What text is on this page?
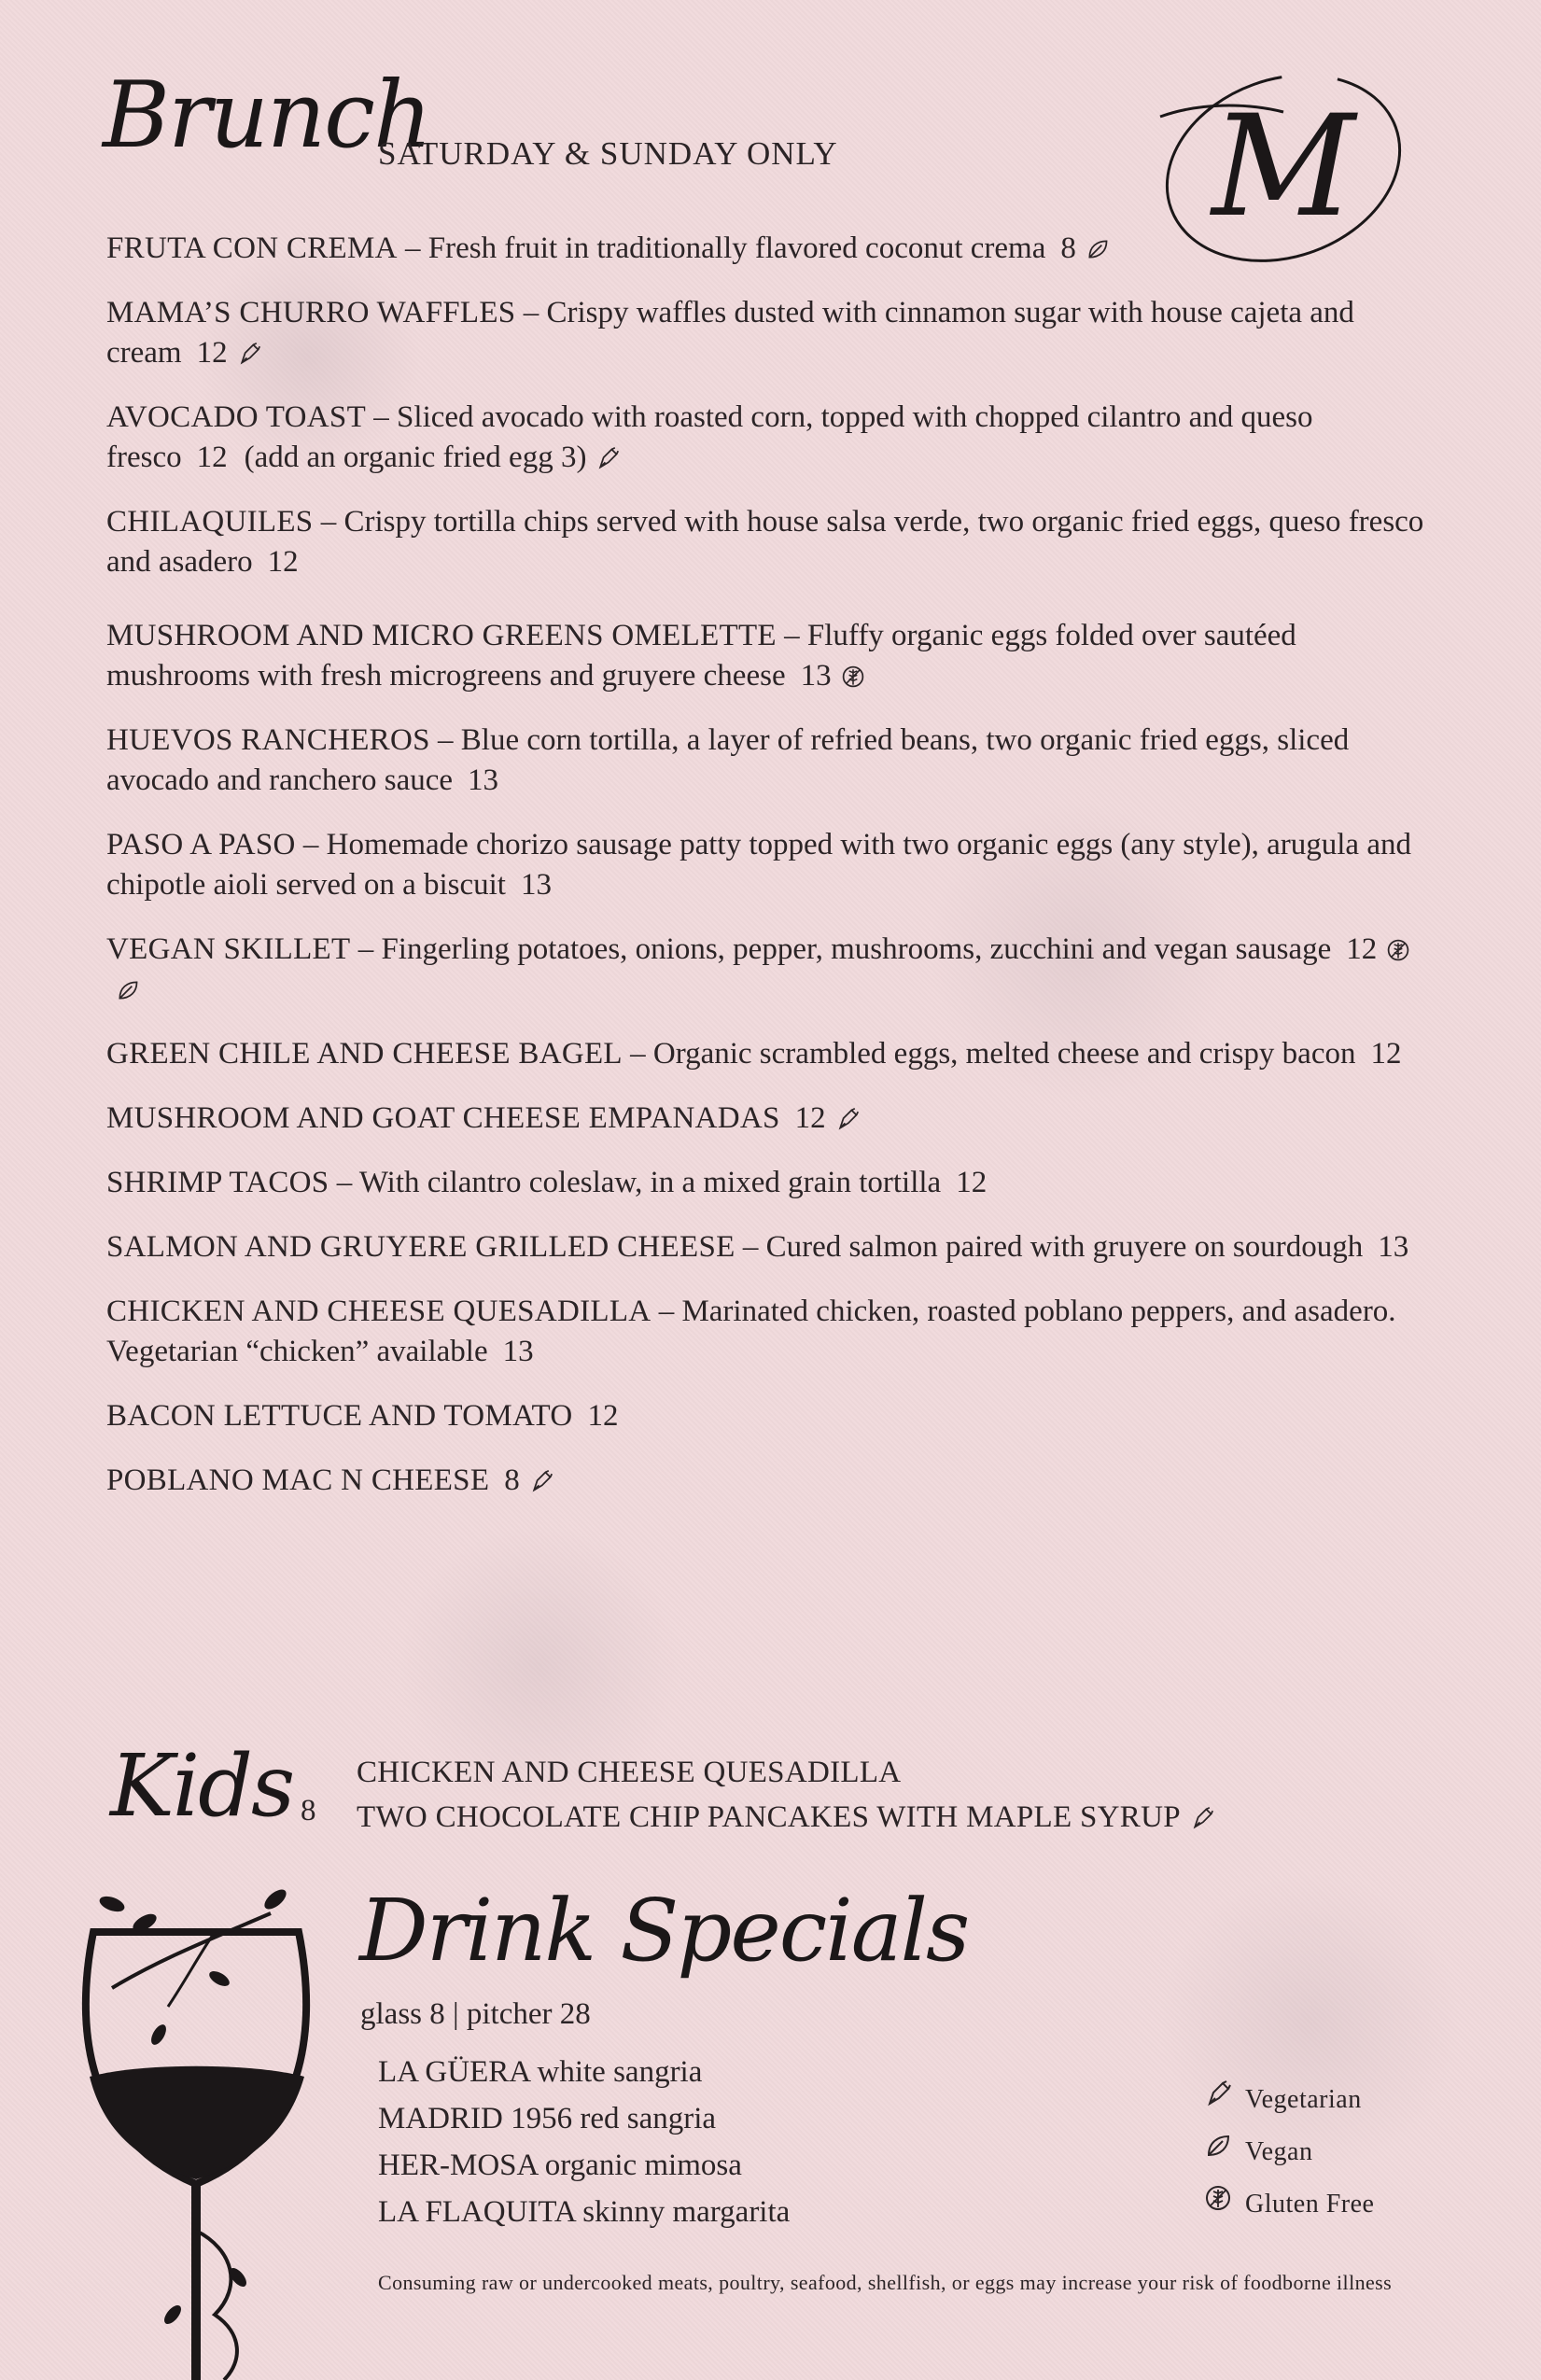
Brunch
SATURDAY & SUNDAY ONLY	M

FRUTA CON CREMA – Fresh fruit in traditionally flavored coconut crema 8

MAMA’S CHURRO WAFFLES – Crispy waffles dusted with cinnamon sugar with house cajeta and cream 12

AVOCADO TOAST – Sliced avocado with roasted corn, topped with chopped cilantro and queso fresco 12 (add an organic fried egg 3)

CHILAQUILES – Crispy tortilla chips served with house salsa verde, two organic fried eggs, queso fresco and asadero 12

MUSHROOM AND MICRO GREENS OMELETTE – Fluffy organic eggs folded over sautéed mushrooms with fresh microgreens and gruyere cheese 13

HUEVOS RANCHEROS – Blue corn tortilla, a layer of refried beans, two organic fried eggs, sliced avocado and ranchero sauce 13

PASO A PASO – Homemade chorizo sausage patty topped with two organic eggs (any style), arugula and chipotle aioli served on a biscuit 13

VEGAN SKILLET – Fingerling potatoes, onions, pepper, mushrooms, zucchini and vegan sausage 12

GREEN CHILE AND CHEESE BAGEL – Organic scrambled eggs, melted cheese and crispy bacon 12

MUSHROOM AND GOAT CHEESE EMPANADAS 12

SHRIMP TACOS – With cilantro coleslaw, in a mixed grain tortilla 12

SALMON AND GRUYERE GRILLED CHEESE – Cured salmon paired with gruyere on sourdough 13

CHICKEN AND CHEESE QUESADILLA – Marinated chicken, roasted poblano peppers, and asadero. Vegetarian “chicken” available 13

BACON LETTUCE AND TOMATO 12

POBLANO MAC N CHEESE 8

Kids 8
CHICKEN AND CHEESE QUESADILLA
TWO CHOCOLATE CHIP PANCAKES WITH MAPLE SYRUP
Drink Specials
glass 8 | pitcher 28
LA GÜERA white sangria
MADRID 1956 red sangria
HER-MOSA organic mimosa
LA FLAQUITA skinny margarita
Vegetarian
Vegan
Gluten Free
Consuming raw or undercooked meats, poultry, seafood, shellfish, or eggs may increase your risk of foodborne illness
